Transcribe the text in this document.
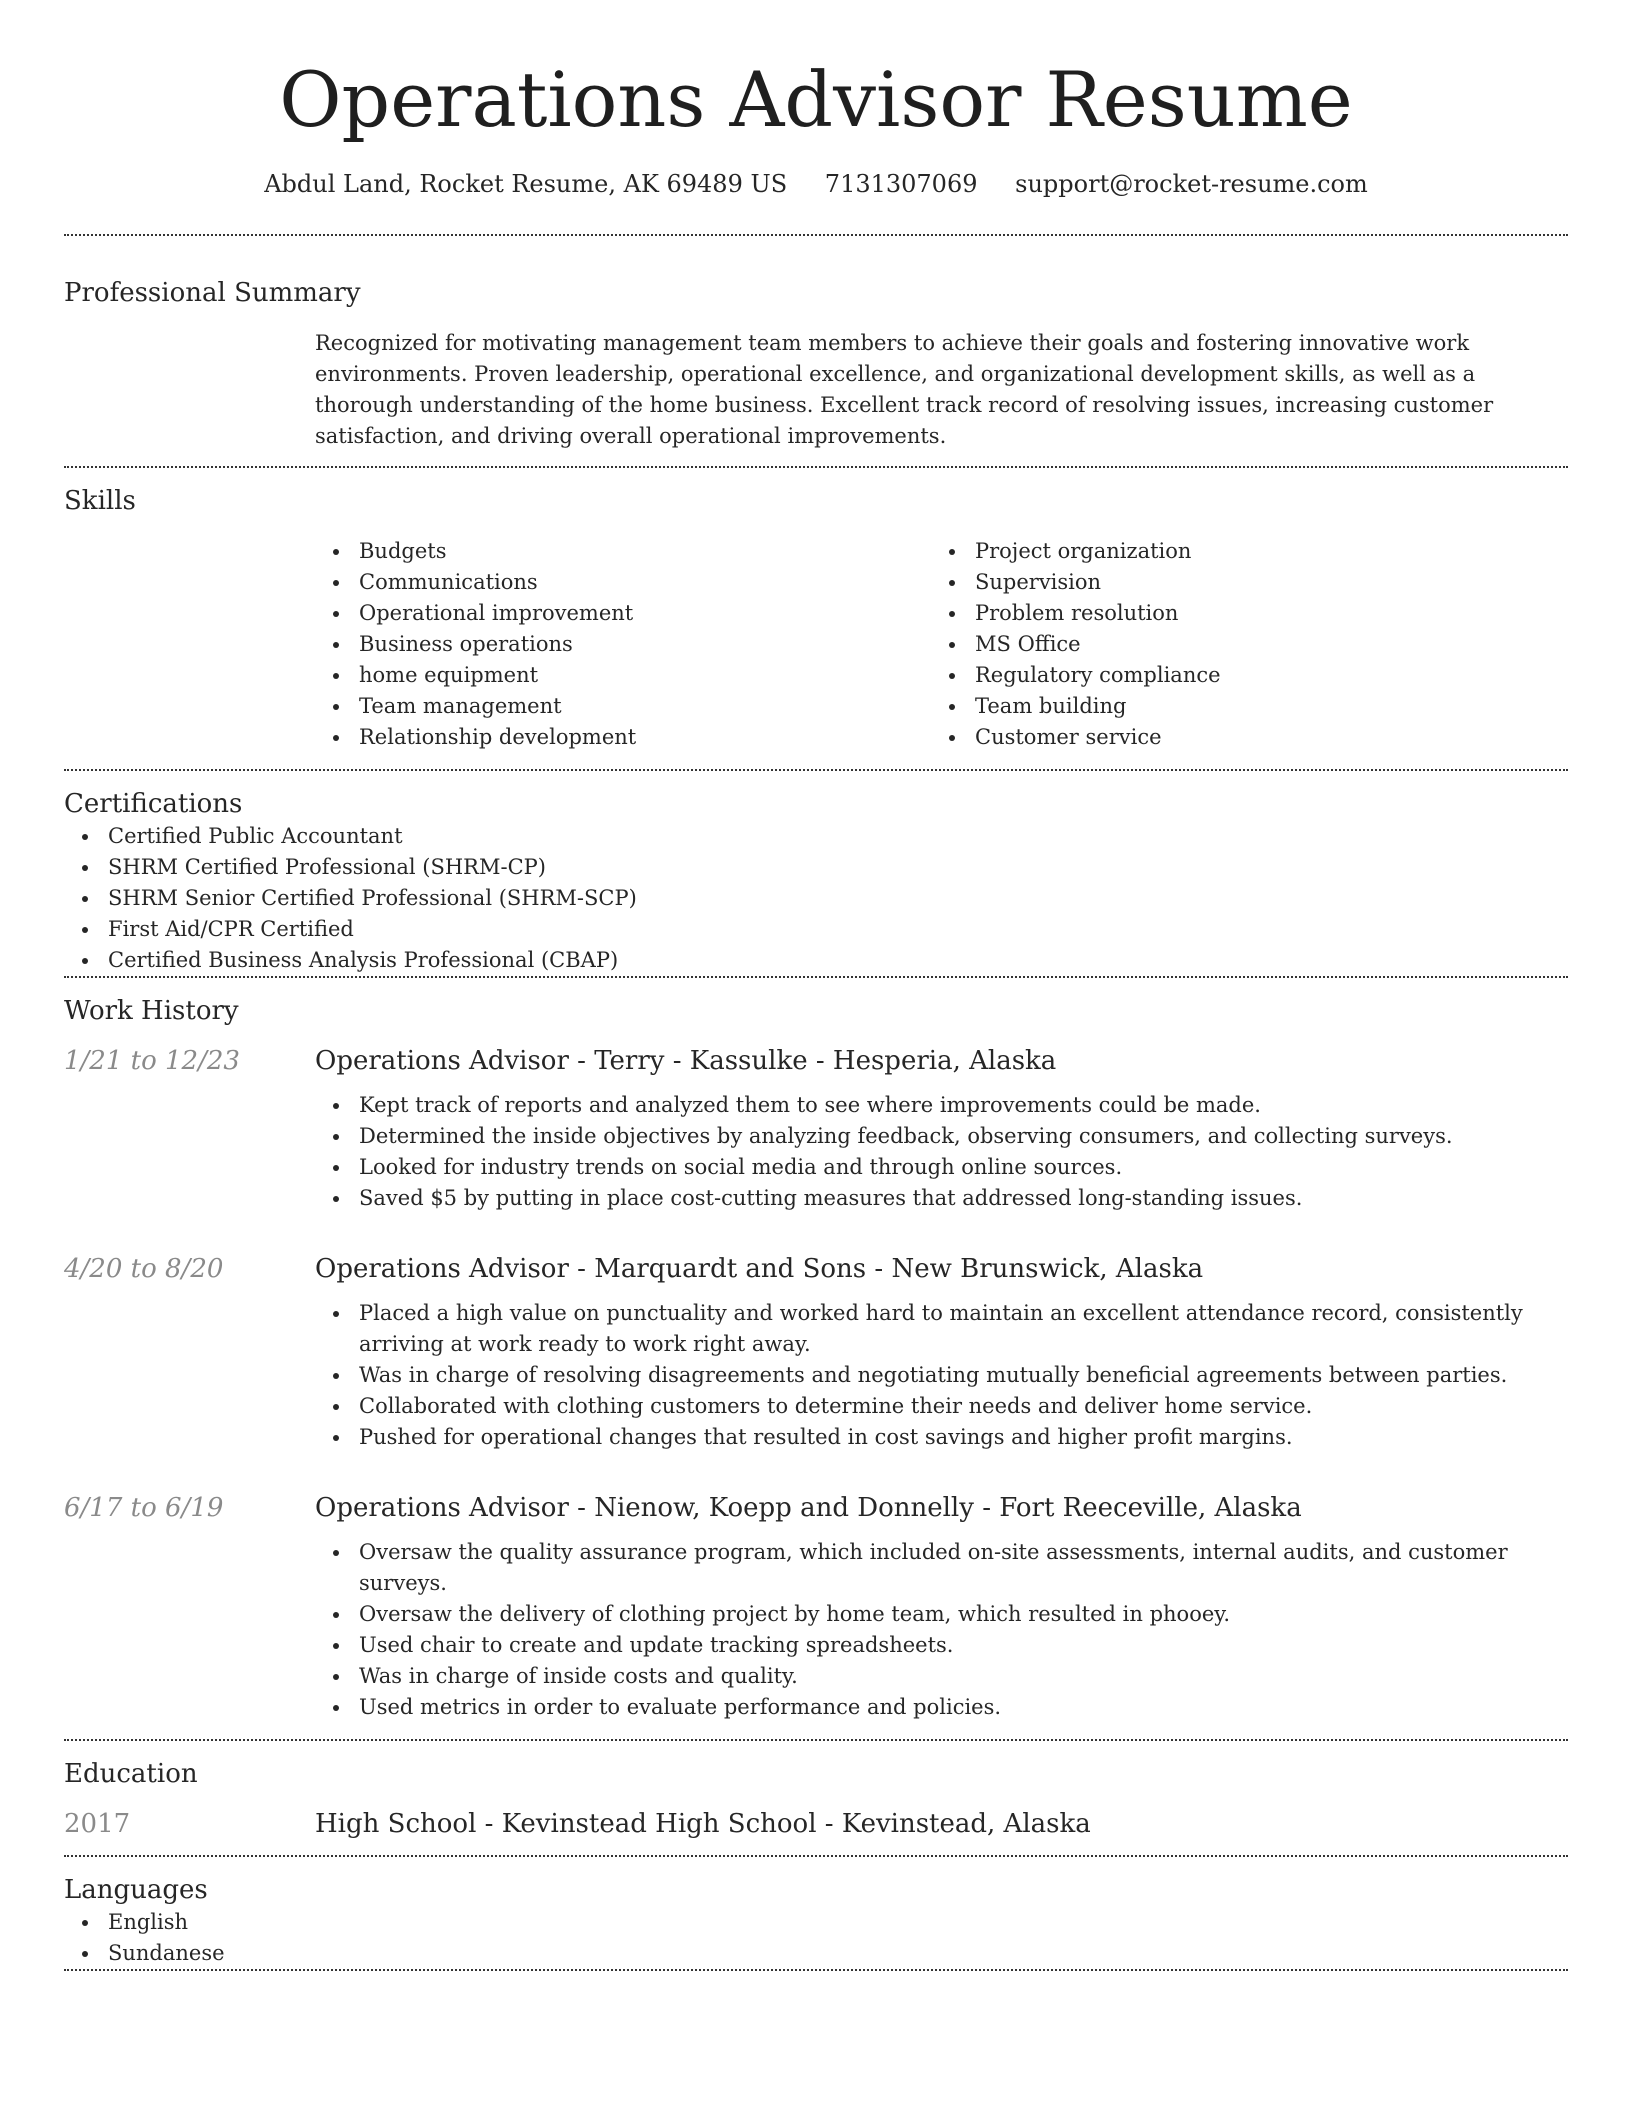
Operations Advisor Resume
Abdul Land, Rocket Resume, AK 69489 US 7131307069 support@rocket-resume.com
Professional Summary
Recognized for motivating management team members to achieve their goals and fostering innovative work environments. Proven leadership, operational excellence, and organizational development skills, as well as a thorough understanding of the home business. Excellent track record of resolving issues, increasing customer satisfaction, and driving overall operational improvements.
Skills
Budgets
Communications
Operational improvement
Business operations
home equipment
Team management
Relationship development
Project organization
Supervision
Problem resolution
MS Office
Regulatory compliance
Team building
Customer service
Certifications
Certified Public Accountant
SHRM Certified Professional (SHRM-CP)
SHRM Senior Certified Professional (SHRM-SCP)
First Aid/CPR Certified
Certified Business Analysis Professional (CBAP)
Work History
1/21 to 12/23	Operations Advisor - Terry - Kassulke - Hesperia, Alaska
Kept track of reports and analyzed them to see where improvements could be made.
Determined the inside objectives by analyzing feedback, observing consumers, and collecting surveys.
Looked for industry trends on social media and through online sources.
Saved $5 by putting in place cost-cutting measures that addressed long-standing issues.
4/20 to 8/20	Operations Advisor - Marquardt and Sons - New Brunswick, Alaska
Placed a high value on punctuality and worked hard to maintain an excellent attendance record, consistently arriving at work ready to work right away.
Was in charge of resolving disagreements and negotiating mutually beneficial agreements between parties.
Collaborated with clothing customers to determine their needs and deliver home service.
Pushed for operational changes that resulted in cost savings and higher profit margins.
6/17 to 6/19	Operations Advisor - Nienow, Koepp and Donnelly - Fort Reeceville, Alaska
Oversaw the quality assurance program, which included on-site assessments, internal audits, and customer surveys.
Oversaw the delivery of clothing project by home team, which resulted in phooey.
Used chair to create and update tracking spreadsheets.
Was in charge of inside costs and quality.
Used metrics in order to evaluate performance and policies.
Education
2017	High School - Kevinstead High School - Kevinstead, Alaska
Languages
English
Sundanese
